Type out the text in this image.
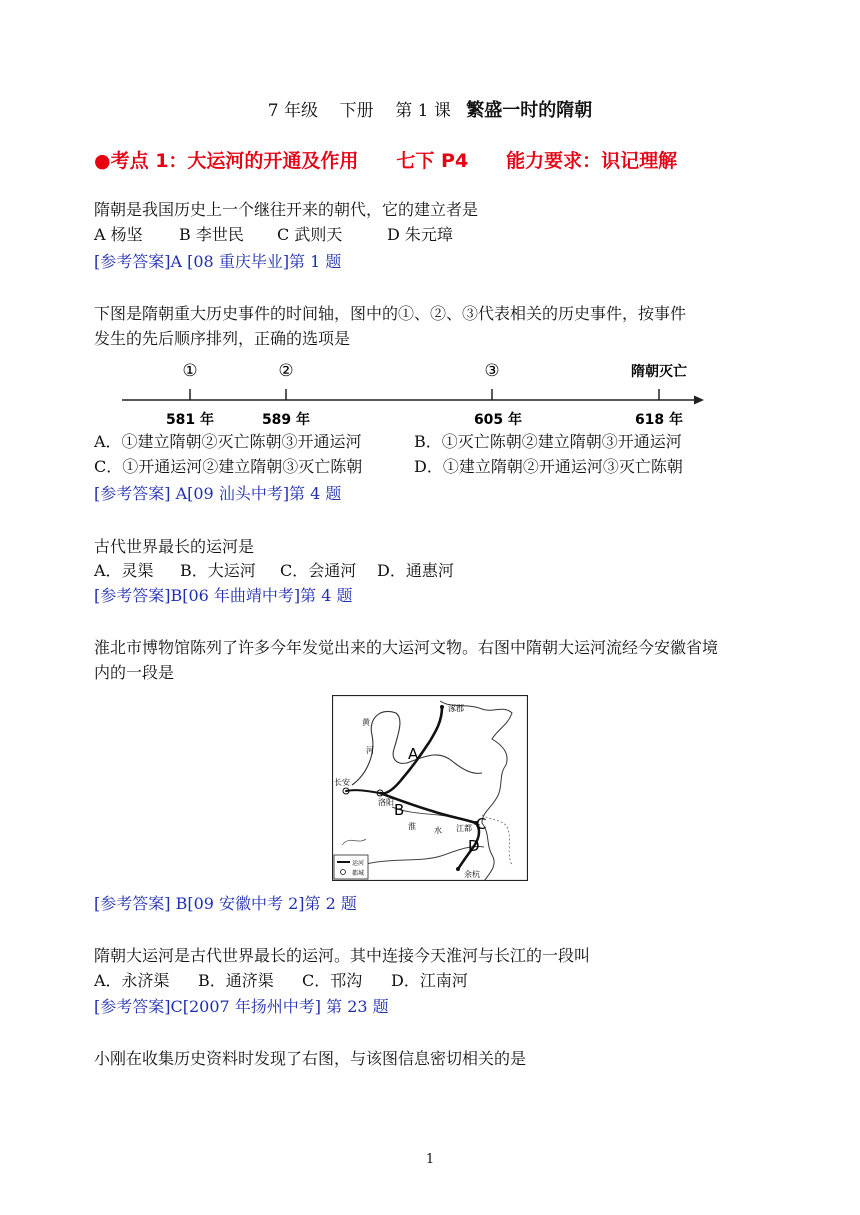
7 年级 下册 第 1 课 繁盛一时的隋朝
●考点 1：大运河的开通及作用　　七下 P4　　能力要求：识记理解
隋朝是我国历史上一个继往开来的朝代，它的建立者是
A 杨坚 B 李世民 C 武则天	D 朱元璋
[参考答案]A [08 重庆毕业]第 1 题
下图是隋朝重大历史事件的时间轴，图中的①、②、③代表相关的历史事件，按事件
发生的先后顺序排列，正确的选项是
①	②	③	隋朝灭亡
581 年	589 年	605 年	618 年
A．①建立隋朝②灭亡陈朝③开通运河	B．①灭亡陈朝②建立隋朝③开通运河
C．①开通运河②建立隋朝③灭亡陈朝	D．①建立隋朝②开通运河③灭亡陈朝
[参考答案] A[09 汕头中考]第 4 题
古代世界最长的运河是
A．灵渠 B．大运河 C．会通河 D．通惠河
[参考答案]B[06 年曲靖中考]第 4 题
淮北市博物馆陈列了许多今年发觉出来的大运河文物。右图中隋朝大运河流经今安徽省境
内的一段是
涿郡
长安
洛阳
江都
余杭
黄
河
淮 水
A
B
C
D
运河
都城
[参考答案] B[09 安徽中考 2]第 2 题
隋朝大运河是古代世界最长的运河。其中连接今天淮河与长江的一段叫
A．永济渠 B．通济渠 C．邗沟 D．江南河
[参考答案]C[2007 年扬州中考] 第 23 题
小刚在收集历史资料时发现了右图，与该图信息密切相关的是
1
